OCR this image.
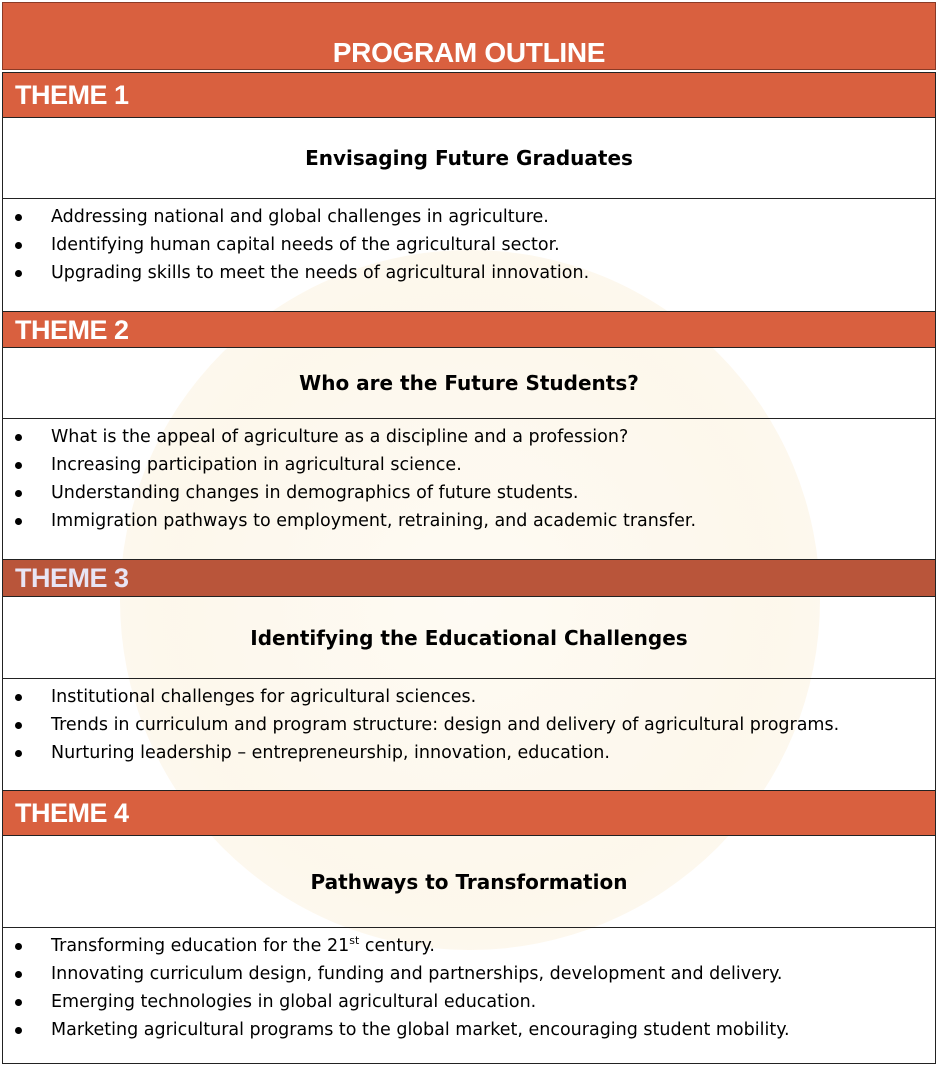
PROGRAM OUTLINE
THEME 1
Envisaging Future Graduates
Addressing national and global challenges in agriculture.
Identifying human capital needs of the agricultural sector.
Upgrading skills to meet the needs of agricultural innovation.
THEME 2
Who are the Future Students?
What is the appeal of agriculture as a discipline and a profession?
Increasing participation in agricultural science.
Understanding changes in demographics of future students.
Immigration pathways to employment, retraining, and academic transfer.
THEME 3
Identifying the Educational Challenges
Institutional challenges for agricultural sciences.
Trends in curriculum and program structure: design and delivery of agricultural programs.
Nurturing leadership – entrepreneurship, innovation, education.
THEME 4
Pathways to Transformation
Transforming education for the 21st century.
Innovating curriculum design, funding and partnerships, development and delivery.
Emerging technologies in global agricultural education.
Marketing agricultural programs to the global market, encouraging student mobility.
